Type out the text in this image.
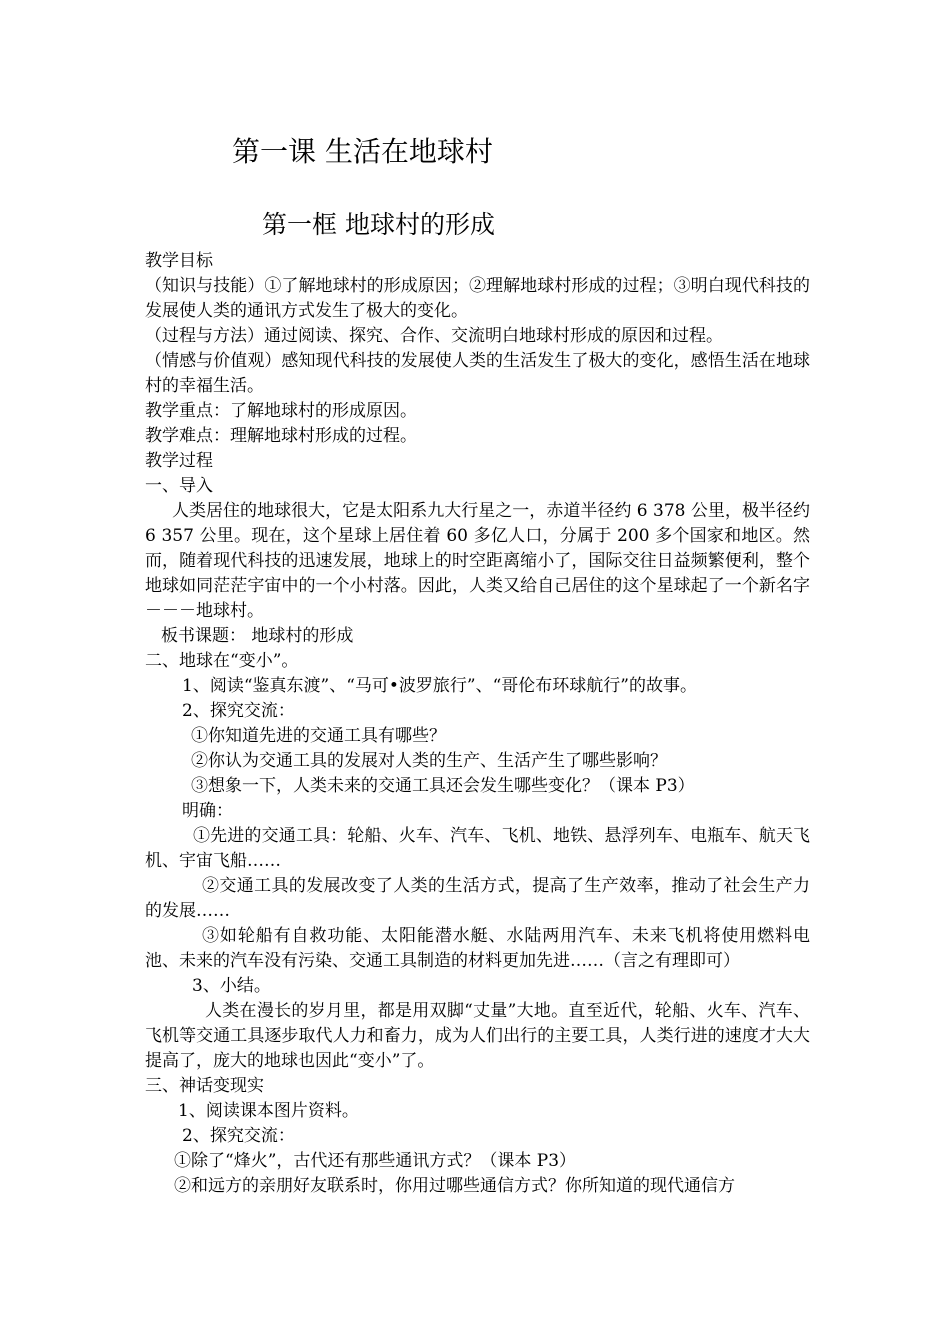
第一课 生活在地球村
第一框 地球村的形成

教学目标

（知识与技能）①了解地球村的形成原因；②理解地球村形成的过程；③明白现代科技的发展使人类的通讯方式发生了极大的变化。

（过程与方法）通过阅读、探究、合作、交流明白地球村形成的原因和过程。

（情感与价值观）感知现代科技的发展使人类的生活发生了极大的变化，感悟生活在地球村的幸福生活。

教学重点：了解地球村的形成原因。

教学难点：理解地球村形成的过程。

教学过程

一、导入

人类居住的地球很大，它是太阳系九大行星之一，赤道半径约 6 378 公里，极半径约 6 357 公里。现在，这个星球上居住着 60 多亿人口，分属于 200 多个国家和地区。然而，随着现代科技的迅速发展，地球上的时空距离缩小了，国际交往日益频繁便利，整个地球如同茫茫宇宙中的一个小村落。因此，人类又给自己居住的这个星球起了一个新名字－－－地球村。

板书课题： 地球村的形成

二、地球在“变小”。

1、阅读“鉴真东渡”、“马可•波罗旅行”、“哥伦布环球航行”的故事。

2、探究交流：

①你知道先进的交通工具有哪些？

②你认为交通工具的发展对人类的生产、生活产生了哪些影响？

③想象一下，人类未来的交通工具还会发生哪些变化？（课本 P3）

明确：

①先进的交通工具：轮船、火车、汽车、飞机、地铁、悬浮列车、电瓶车、航天飞机、宇宙飞船……

②交通工具的发展改变了人类的生活方式，提高了生产效率，推动了社会生产力的发展……

③如轮船有自救功能、太阳能潜水艇、水陆两用汽车、未来飞机将使用燃料电池、未来的汽车没有污染、交通工具制造的材料更加先进……（言之有理即可）

3、小结。

人类在漫长的岁月里，都是用双脚“丈量”大地。直至近代，轮船、火车、汽车、飞机等交通工具逐步取代人力和畜力，成为人们出行的主要工具，人类行进的速度才大大提高了，庞大的地球也因此“变小”了。

三、神话变现实

1、阅读课本图片资料。

2、探究交流：

①除了“烽火”，古代还有那些通讯方式？（课本 P3）

②和远方的亲朋好友联系时，你用过哪些通信方式？你所知道的现代通信方
